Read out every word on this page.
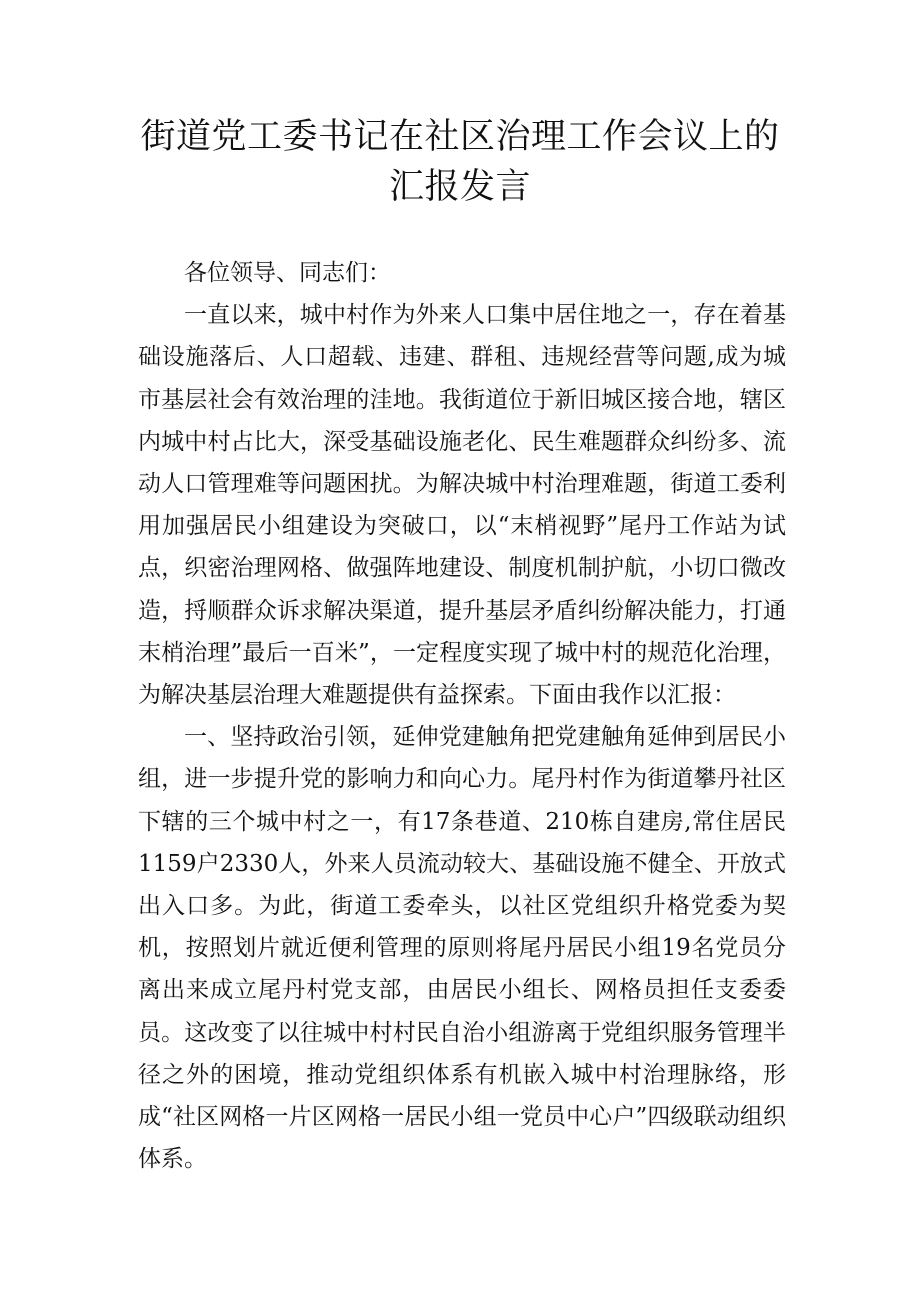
街道党工委书记在社区治理工作会议上的
汇报发言

各位领导、同志们：

一直以来，城中村作为外来人口集中居住地之一，存在着基础设施落后、人口超载、违建、群租、违规经营等问题,成为城市基层社会有效治理的洼地。我街道位于新旧城区接合地，辖区内城中村占比大，深受基础设施老化、民生难题群众纠纷多、流动人口管理难等问题困扰。为解决城中村治理难题，街道工委利用加强居民小组建设为突破口，以“末梢视野”尾丹工作站为试点，织密治理网格、做强阵地建设、制度机制护航，小切口微改造，捋顺群众诉求解决渠道，提升基层矛盾纠纷解决能力，打通末梢治理”最后一百米”，一定程度实现了城中村的规范化治理，为解决基层治理大难题提供有益探索。下面由我作以汇报：

一、坚持政治引领，延伸党建触角把党建触角延伸到居民小组，进一步提升党的影响力和向心力。尾丹村作为街道攀丹社区下辖的三个城中村之一，有17条巷道、210栋自建房,常住居民1159户2330人，外来人员流动较大、基础设施不健全、开放式出入口多。为此，街道工委牵头，以社区党组织升格党委为契机，按照划片就近便利管理的原则将尾丹居民小组19名党员分离出来成立尾丹村党支部，由居民小组长、网格员担任支委委员。这改变了以往城中村村民自治小组游离于党组织服务管理半径之外的困境，推动党组织体系有机嵌入城中村治理脉络，形成“社区网格一片区网格一居民小组一党员中心户”四级联动组织体系。
